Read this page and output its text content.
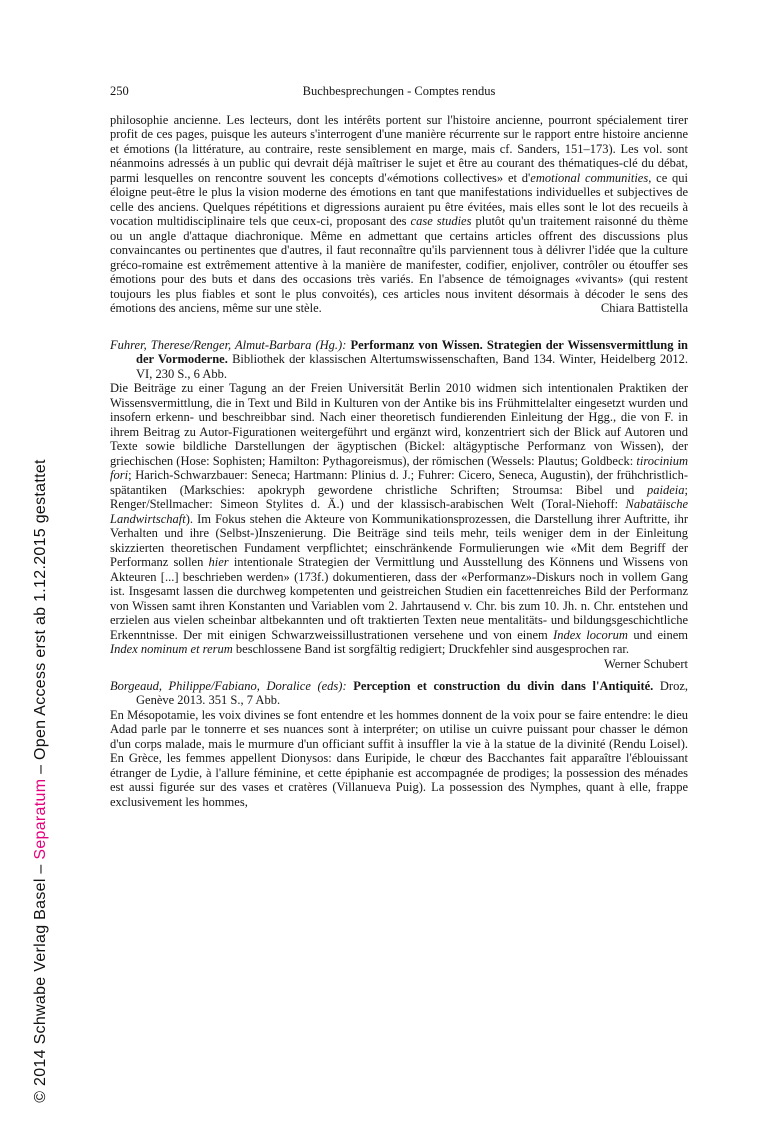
© 2014 Schwabe Verlag Basel – Separatum – Open Access erst ab 1.12.2015 gestattet
250	Buchbesprechungen - Comptes rendus

philosophie ancienne. Les lecteurs, dont les intérêts portent sur l'histoire ancienne, pourront spécialement tirer profit de ces pages, puisque les auteurs s'interrogent d'une manière récurrente sur le rapport entre histoire ancienne et émotions (la littérature, au contraire, reste sensiblement en marge, mais cf. Sanders, 151–173). Les vol. sont néanmoins adressés à un public qui devrait déjà maîtriser le sujet et être au courant des thématiques-clé du débat, parmi lesquelles on rencontre souvent les concepts d'«émotions collectives» et d'emotional communities, ce qui éloigne peut-être le plus la vision moderne des émotions en tant que manifestations individuelles et subjectives de celle des anciens. Quelques répétitions et digressions auraient pu être évitées, mais elles sont le lot des recueils à vocation multidisciplinaire tels que ceux-ci, proposant des case studies plutôt qu'un traitement raisonné du thème ou un angle d'attaque diachronique. Même en admettant que certains articles offrent des discussions plus convaincantes ou pertinentes que d'autres, il faut reconnaître qu'ils parviennent tous à délivrer l'idée que la culture gréco-romaine est extrêmement attentive à la manière de manifester, codifier, enjoliver, contrôler ou étouffer ses émotions pour des buts et dans des occasions très variés. En l'absence de témoignages «vivants» (qui restent toujours les plus fiables et sont le plus convoités), ces articles nous invitent désormais à décoder le sens des émotions des anciens, même sur une stèle.	Chiara Battistella

Fuhrer, Therese/Renger, Almut-Barbara (Hg.): Performanz von Wissen. Strategien der Wissensvermittlung in der Vormoderne. Bibliothek der klassischen Altertumswissenschaften, Band 134. Winter, Heidelberg 2012. VI, 230 S., 6 Abb.

Die Beiträge zu einer Tagung an der Freien Universität Berlin 2010 widmen sich intentionalen Praktiken der Wissensvermittlung, die in Text und Bild in Kulturen von der Antike bis ins Frühmittelalter eingesetzt wurden und insofern erkenn- und beschreibbar sind. Nach einer theoretisch fundierenden Einleitung der Hgg., die von F. in ihrem Beitrag zu Autor-Figurationen weitergeführt und ergänzt wird, konzentriert sich der Blick auf Autoren und Texte sowie bildliche Darstellungen der ägyptischen (Bickel: altägyptische Performanz von Wissen), der griechischen (Hose: Sophisten; Hamilton: Pythagoreismus), der römischen (Wessels: Plautus; Goldbeck: tirocinium fori; Harich-Schwarzbauer: Seneca; Hartmann: Plinius d. J.; Fuhrer: Cicero, Seneca, Augustin), der frühchristlich-spätantiken (Markschies: apokryph gewordene christliche Schriften; Stroumsa: Bibel und paideia; Renger/Stellmacher: Simeon Stylites d. Ä.) und der klassisch-arabischen Welt (Toral-Niehoff: Nabatäische Landwirtschaft). Im Fokus stehen die Akteure von Kommunikationsprozessen, die Darstellung ihrer Auftritte, ihr Verhalten und ihre (Selbst-)Inszenierung. Die Beiträge sind teils mehr, teils weniger dem in der Einleitung skizzierten theoretischen Fundament verpflichtet; einschränkende Formulierungen wie «Mit dem Begriff der Performanz sollen hier intentionale Strategien der Vermittlung und Ausstellung des Könnens und Wissens von Akteuren [...] beschrieben werden» (173f.) dokumentieren, dass der «Performanz»-Diskurs noch in vollem Gang ist. Insgesamt lassen die durchweg kompetenten und geistreichen Studien ein facettenreiches Bild der Performanz von Wissen samt ihren Konstanten und Variablen vom 2. Jahrtausend v. Chr. bis zum 10. Jh. n. Chr. entstehen und erzielen aus vielen scheinbar altbekannten und oft traktierten Texten neue mentalitäts- und bildungsgeschichtliche Erkenntnisse. Der mit einigen Schwarzweissillustrationen versehene und von einem Index locorum und einem Index nominum et rerum beschlossene Band ist sorgfältig redigiert; Druckfehler sind ausgesprochen rar.
Werner Schubert

Borgeaud, Philippe/Fabiano, Doralice (eds): Perception et construction du divin dans l'Antiquité. Droz, Genève 2013. 351 S., 7 Abb.

En Mésopotamie, les voix divines se font entendre et les hommes donnent de la voix pour se faire entendre: le dieu Adad parle par le tonnerre et ses nuances sont à interpréter; on utilise un cuivre puissant pour chasser le démon d'un corps malade, mais le murmure d'un officiant suffit à insuffler la vie à la statue de la divinité (Rendu Loisel). En Grèce, les femmes appellent Dionysos: dans Euripide, le chœur des Bacchantes fait apparaître l'éblouissant étranger de Lydie, à l'allure féminine, et cette épiphanie est accompagnée de prodiges; la possession des ménades est aussi figurée sur des vases et cratères (Villanueva Puig). La possession des Nymphes, quant à elle, frappe exclusivement les hommes,
